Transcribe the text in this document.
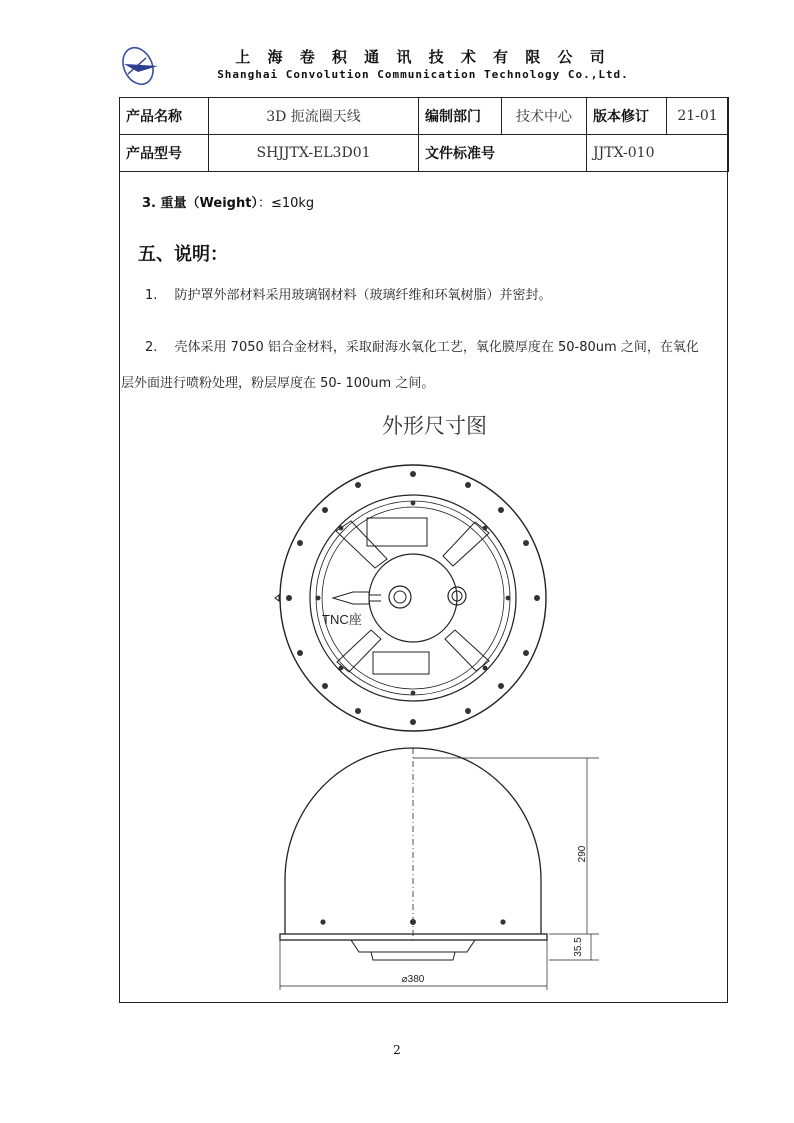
上 海 卷 积 通 讯 技 术 有 限 公 司
Shanghai Convolution Communication Technology Co.,Ltd.
产品名称	3D 扼流圈天线	编制部门	技术中心	版本修订	21-01
产品型号	SHJJTX-EL3D01	文件标准号		JJTX-010	
3. 重量（Weight）：≤10kg
五、说明：
1.　 防护罩外部材料采用玻璃钢材料（玻璃纤维和环氧树脂）并密封。
2.　 壳体采用 7050 铝合金材料，采取耐海水氧化工艺，氧化膜厚度在 50-80um 之间，在氧化
层外面进行喷粉处理，粉层厚度在 50- 100um 之间。
外形尺寸图
TNC座
290
35.5
⌀380
2
